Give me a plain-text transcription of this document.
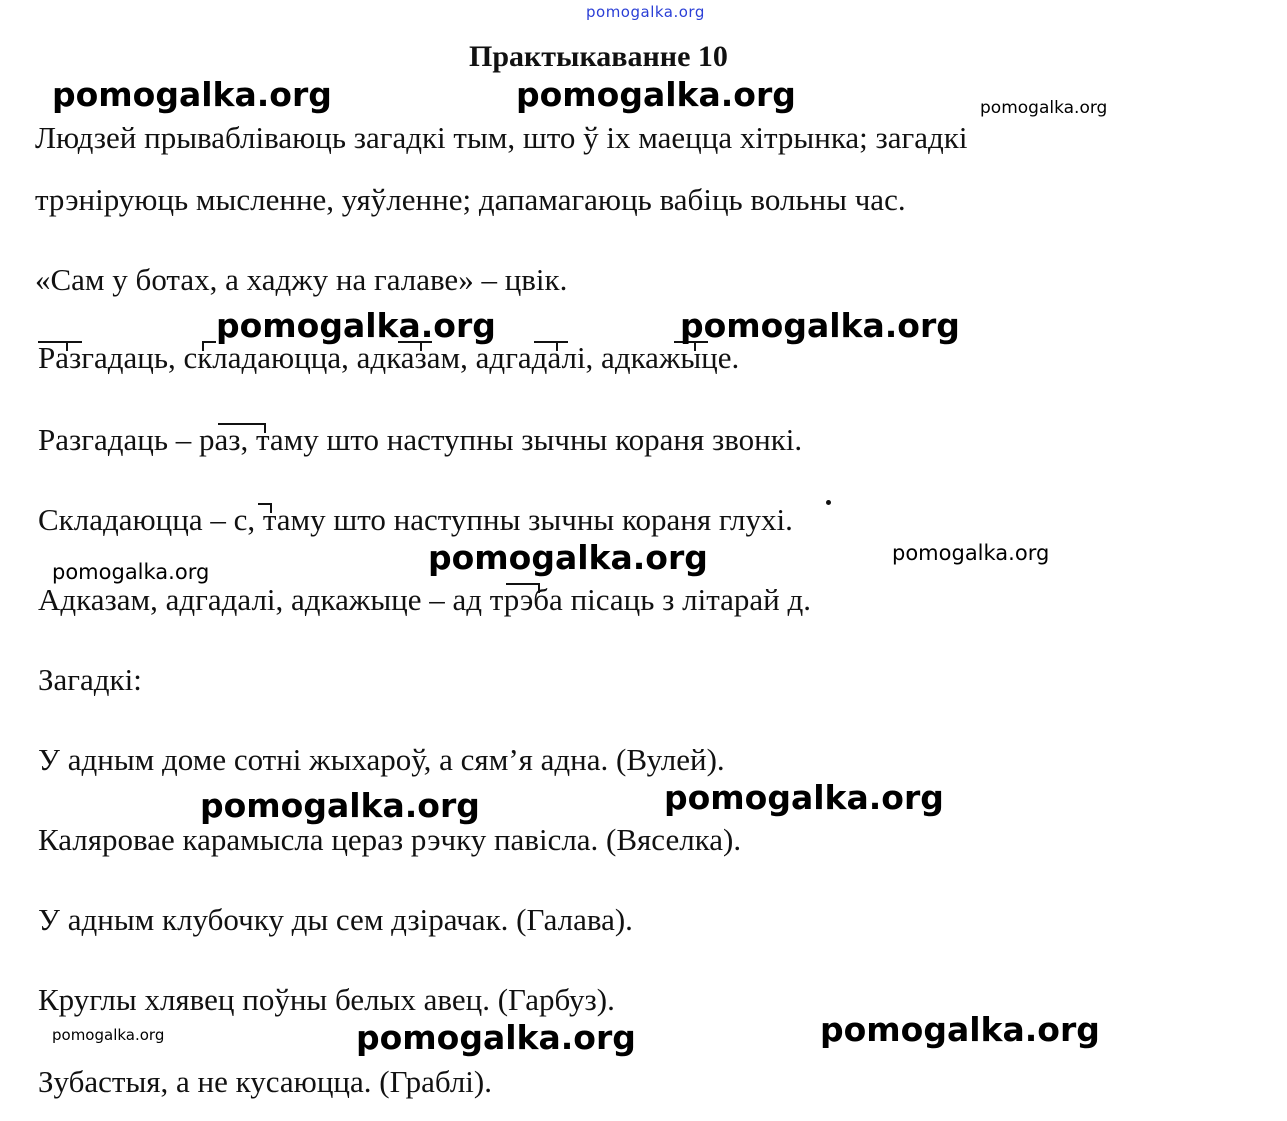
pomogalka.org
Практыкаванне 10
Людзей прываблiваюць загадкi тым, што ў iх маецца хiтрынка; загадкi
трэнiруюць мысленне, уяўленне; дапамагаюць вабiць вольны час.
«Сам у ботах, а хаджу на галаве» – цвiк.
Разгадаць, складаюцца, адказам, адгадалi, адкажыце.
Разгадаць – раз, таму што наступны зычны кораня звонкi.
Складаюцца – с, таму што наступны зычны кораня глухi.
Адказам, адгадалi, адкажыце – ад трэба пiсаць з лiтарай д.
Загадкi:
У адным доме сотнi жыхароў, а сям’я адна. (Вулей).
Каляровае карамысла цераз рэчку павiсла. (Вяселка).
У адным клубочку ды сем дзiрачак. (Галава).
Круглы хлявец поўны белых авец. (Гарбуз).
Зубастыя, а не кусаюцца. (Граблi).
pomogalka.org	pomogalka.org	pomogalka.org
pomogalka.org	pomogalka.org
pomogalka.org	pomogalka.org
pomogalka.org
pomogalka.org	pomogalka.org
pomogalka.org	pomogalka.org	pomogalka.org
